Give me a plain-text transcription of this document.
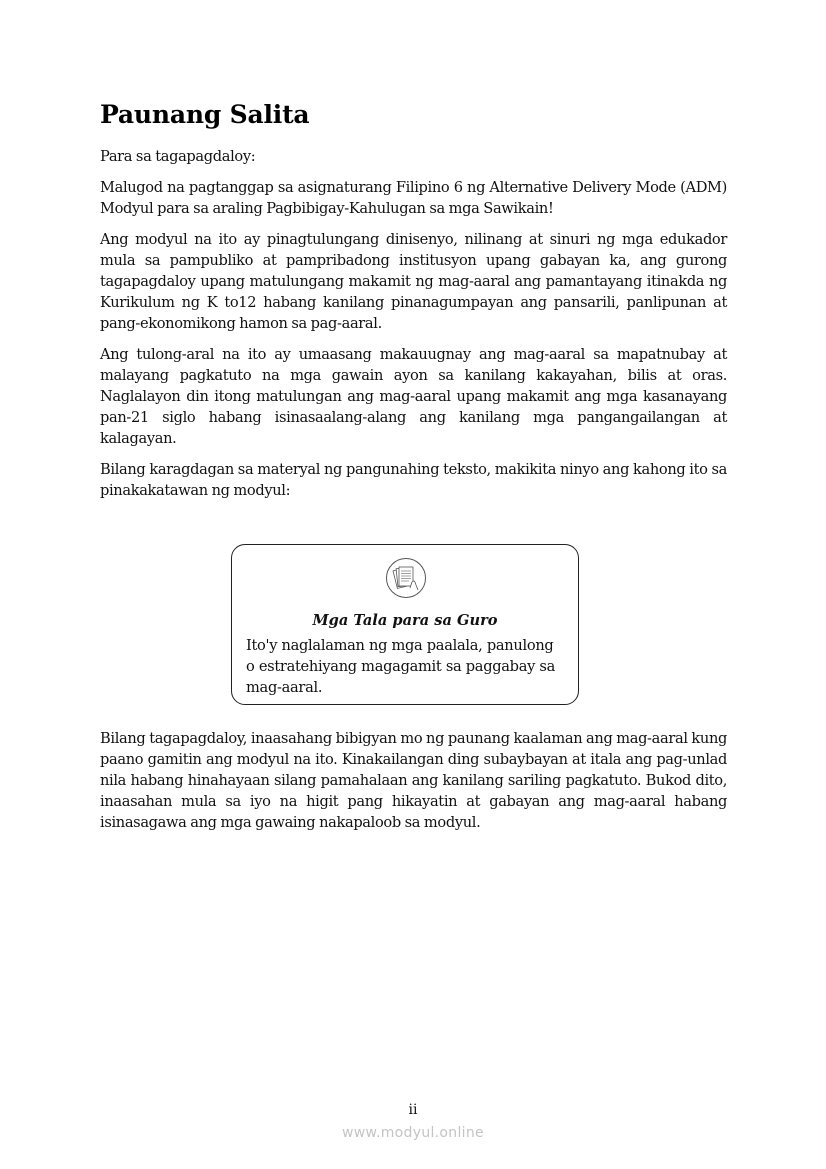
Paunang Salita

Para sa tagapagdaloy:

Malugod na pagtanggap sa asignaturang Filipino 6 ng Alternative Delivery Mode (ADM) Modyul para sa araling Pagbibigay-Kahulugan sa mga Sawikain!

Ang modyul na ito ay pinagtulungang dinisenyo, nilinang at sinuri ng mga edukador mula sa pampubliko at pampribadong institusyon upang gabayan ka, ang gurong tagapagdaloy upang matulungang makamit ng mag-aaral ang pamantayang itinakda ng Kurikulum ng K to12 habang kanilang pinanagumpayan ang pansarili, panlipunan at pang-ekonomikong hamon sa pag-aaral.

Ang tulong-aral na ito ay umaasang makauugnay ang mag-aaral sa mapatnubay at malayang pagkatuto na mga gawain ayon sa kanilang kakayahan, bilis at oras. Naglalayon din itong matulungan ang mag-aaral upang makamit ang mga kasanayang pan-21 siglo habang isinasaalang-alang ang kanilang mga pangangailangan at kalagayan.

Bilang karagdagan sa materyal ng pangunahing teksto, makikita ninyo ang kahong ito sa pinakakatawan ng modyul:

Mga Tala para sa Guro
Ito'y naglalaman ng mga paalala, panulong o estratehiyang magagamit sa paggabay sa mag-aaral.

Bilang tagapagdaloy, inaasahang bibigyan mo ng paunang kaalaman ang mag-aaral kung paano gamitin ang modyul na ito. Kinakailangan ding subaybayan at itala ang pag-unlad nila habang hinahayaan silang pamahalaan ang kanilang sariling pagkatuto. Bukod dito, inaasahan mula sa iyo na higit pang hikayatin at gabayan ang mag-aaral habang isinasagawa ang mga gawaing nakapaloob sa modyul.

ii
www.modyul.online
